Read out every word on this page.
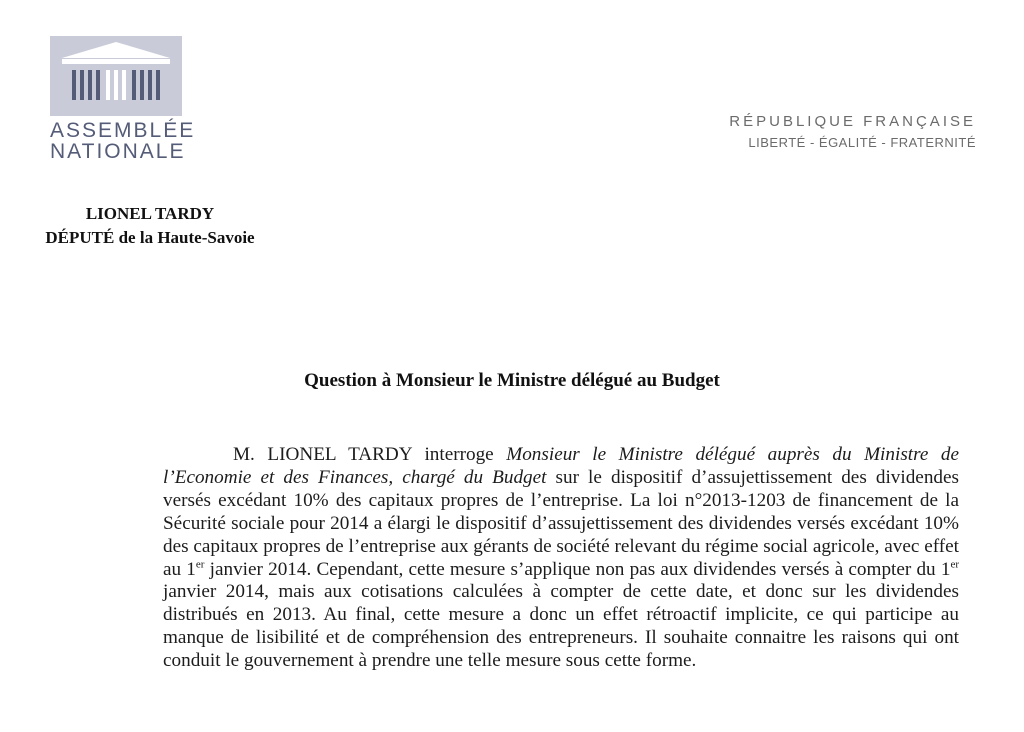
ASSEMBLÉE
NATIONALE
RÉPUBLIQUE FRANÇAISE
LIBERTÉ - ÉGALITÉ - FRATERNITÉ
LIONEL TARDY
DÉPUTÉ de la Haute-Savoie
Question à Monsieur le Ministre délégué au Budget
M. LIONEL TARDY interroge Monsieur le Ministre délégué auprès du Ministre de l’Economie et des Finances, chargé du Budget sur le dispositif d’assujettissement des dividendes versés excédant 10% des capitaux propres de l’entreprise. La loi n°2013-1203 de financement de la Sécurité sociale pour 2014 a élargi le dispositif d’assujettissement des dividendes versés excédant 10% des capitaux propres de l’entreprise aux gérants de société relevant du régime social agricole, avec effet au 1er janvier 2014. Cependant, cette mesure s’applique non pas aux dividendes versés à compter du 1er janvier 2014, mais aux cotisations calculées à compter de cette date, et donc sur les dividendes distribués en 2013. Au final, cette mesure a donc un effet rétroactif implicite, ce qui participe au manque de lisibilité et de compréhension des entrepreneurs. Il souhaite connaitre les raisons qui ont conduit le gouvernement à prendre une telle mesure sous cette forme.
